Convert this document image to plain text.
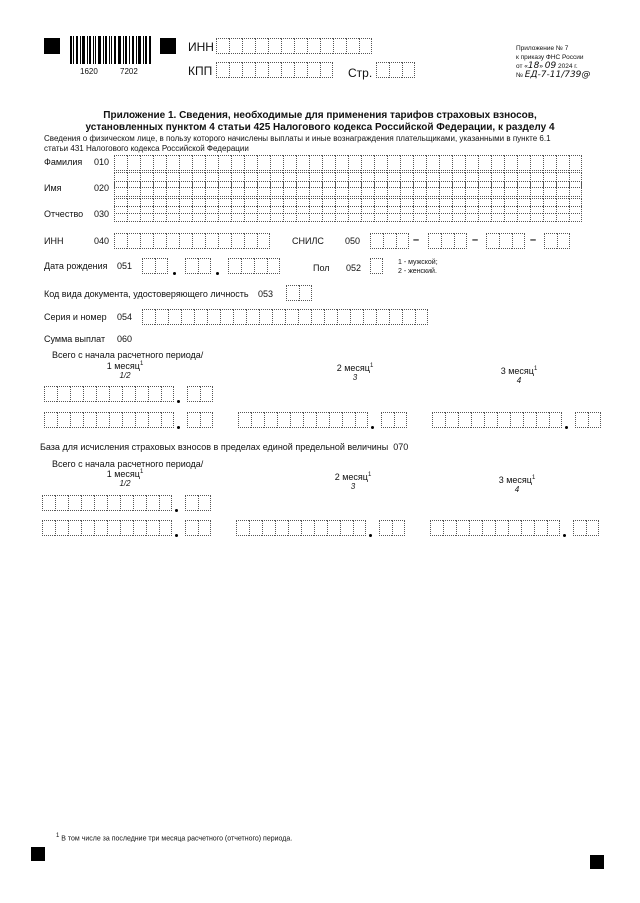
1620	7202
ИНН
КПП	Стр.
Приложение № 7
к приказу ФНС России
от «18» 09 2024 г.
№ ЕД-7-11/739@
Приложение 1. Сведения, необходимые для применения тарифов страховых взносов,
установленных пунктом 4 статьи 425 Налогового кодекса Российской Федерации, к разделу 4
Сведения о физическом лице, в пользу которого начислены выплаты и иные вознаграждения плательщиками, указанными в пункте 6.1
статьи 431 Налогового кодекса Российской Федерации
Фамилия 010
Имя	020
Отчество 030
ИНН	040	СНИЛС 050	–	–	–
Дата рождения 051	Пол 052
1 - мужской;
2 - женский.
Код вида документа, удостоверяющего личность 053
Серия и номер 054
Сумма выплат 060
Всего с начала расчетного периода/
1 месяц$^1$
1/2
2 месяц$^1$
3
3 месяц$^1$
4
База для исчисления страховых взносов в пределах единой предельной величины 070
Всего с начала расчетного периода/
1 месяц$^1$
1/2
2 месяц$^1$
3
3 месяц$^1$
4
$^1$ В том числе за последние три месяца расчетного (отчетного) периода.
